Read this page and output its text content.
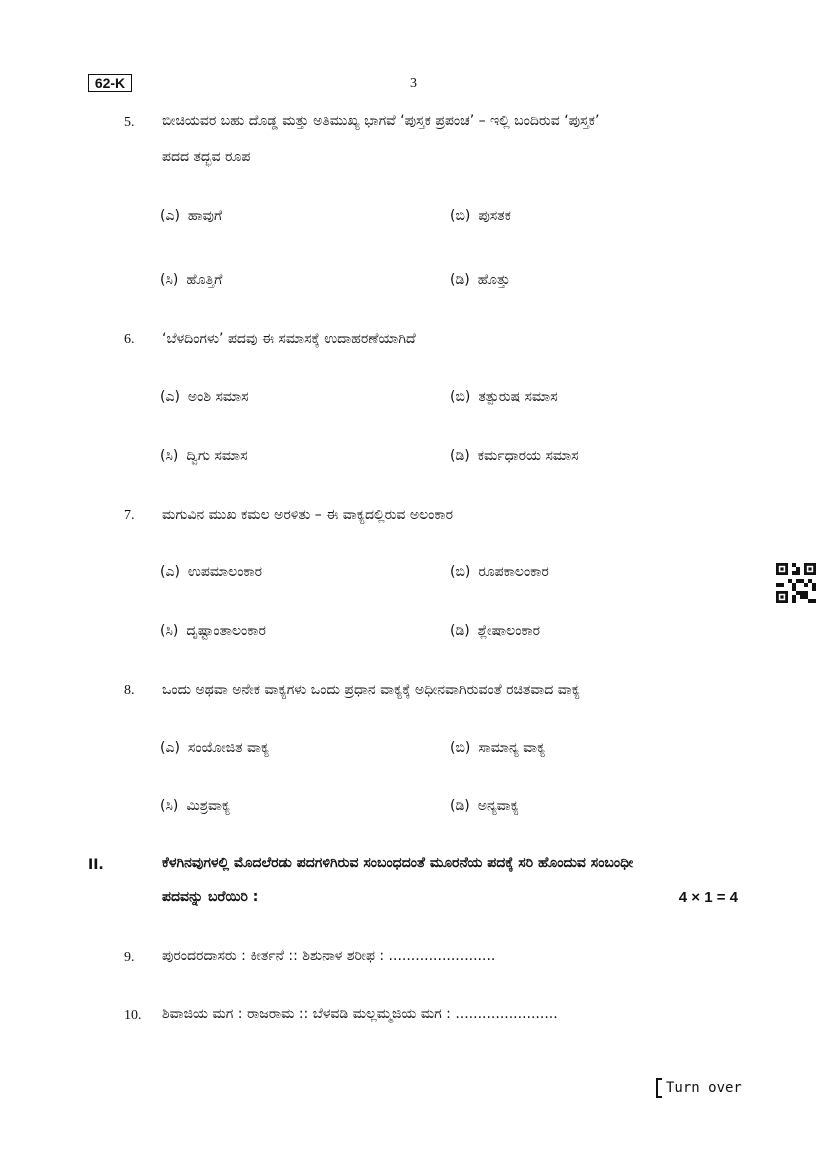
62-K	3
5. ಬೀಚಿಯವರ ಬಹು ದೊಡ್ಡ ಮತ್ತು ಅತಿಮುಖ್ಯ ಭಾಗವೆ ‘ಪುಸ್ತಕ ಪ್ರಪಂಚ’ – ಇಲ್ಲಿ ಬಂದಿರುವ ‘ಪುಸ್ತಕ’
ಪದದ ತದ್ಭವ ರೂಪ
(ಎ) ಹಾವುಗೆ	(ಬಿ) ಪುಸತಕ
(ಸಿ) ಹೊತ್ತಿಗೆ	(ಡಿ) ಹೊತ್ತು
6. ‘ಬೆಳದಿಂಗಳು’ ಪದವು ಈ ಸಮಾಸಕ್ಕೆ ಉದಾಹರಣೆಯಾಗಿದೆ
(ಎ) ಅಂಶಿ ಸಮಾಸ	(ಬಿ) ತತ್ಪುರುಷ ಸಮಾಸ
(ಸಿ) ದ್ವಿಗು ಸಮಾಸ	(ಡಿ) ಕರ್ಮಧಾರಯ ಸಮಾಸ
7. ಮಗುವಿನ ಮುಖ ಕಮಲ ಅರಳಿತು – ಈ ವಾಕ್ಯದಲ್ಲಿರುವ ಅಲಂಕಾರ
(ಎ) ಉಪಮಾಲಂಕಾರ	(ಬಿ) ರೂಪಕಾಲಂಕಾರ
(ಸಿ) ದೃಷ್ಟಾಂತಾಲಂಕಾರ	(ಡಿ) ಶ್ಲೇಷಾಲಂಕಾರ
8. ಒಂದು ಅಥವಾ ಅನೇಕ ವಾಕ್ಯಗಳು ಒಂದು ಪ್ರಧಾನ ವಾಕ್ಯಕ್ಕೆ ಅಧೀನವಾಗಿರುವಂತೆ ರಚಿತವಾದ ವಾಕ್ಯ
(ಎ) ಸಂಯೋಜಿತ ವಾಕ್ಯ	(ಬಿ) ಸಾಮಾನ್ಯ ವಾಕ್ಯ
(ಸಿ) ಮಿಶ್ರವಾಕ್ಯ	(ಡಿ) ಅನ್ಯವಾಕ್ಯ
II.	ಕೆಳಗಿನವುಗಳಲ್ಲಿ ಮೊದಲೆರಡು ಪದಗಳಿಗಿರುವ ಸಂಬಂಧದಂತೆ ಮೂರನೆಯ ಪದಕ್ಕೆ ಸರಿ ಹೊಂದುವ ಸಂಬಂಧೀ
ಪದವನ್ನು ಬರೆಯಿರಿ :	4 × 1 = 4
9. ಪುರಂದರದಾಸರು : ಕೀರ್ತನೆ :: ಶಿಶುನಾಳ ಶರೀಫ : ........................
10. ಶಿವಾಜಿಯ ಮಗ : ರಾಜರಾಮ :: ಬೆಳವಡಿ ಮಲ್ಲಮ್ಮಜಿಯ ಮಗ : .......................
Turn over
